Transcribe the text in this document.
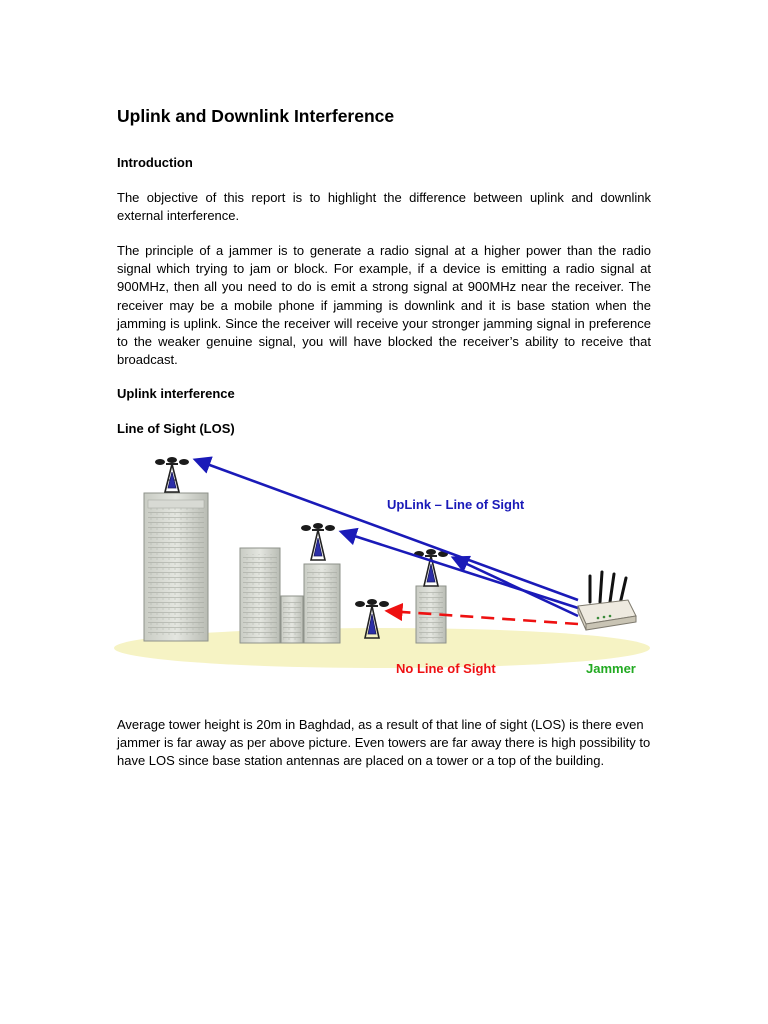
Uplink and Downlink Interference
Introduction
The objective of this report is to highlight the difference between uplink and downlink external interference.
The principle of a jammer is to generate a radio signal at a higher power than the radio signal which trying to jam or block. For example, if a device is emitting a radio signal at 900MHz, then all you need to do is emit a strong signal at 900MHz near the receiver. The receiver may be a mobile phone if jamming is downlink and it is base station when the jamming is uplink. Since the receiver will receive your stronger jamming signal in preference to the weaker genuine signal, you will have blocked the receiver’s ability to receive that broadcast.
Uplink interference
Line of Sight (LOS)
UpLink – Line of Sight
No Line of Sight	Jammer
Average tower height is 20m in Baghdad, as a result of that line of sight (LOS) is there even jammer is far away as per above picture. Even towers are far away there is high possibility to have LOS since base station antennas are placed on a tower or a top of the building.
